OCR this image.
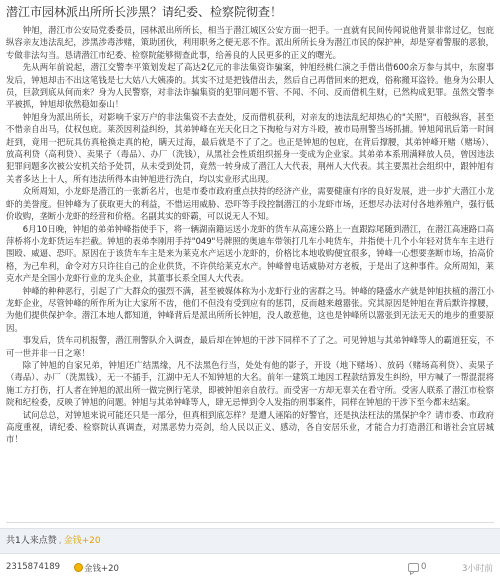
潜江市园林派出所所长涉黑？请纪委、检察院彻查！

钟旭，潜江市公安局党委委员，园林派出所所长，相当于潜江城区公安方面一把手。一直就有民间传闻说他背景非常过亿，包庇纵容亲友违法乱纪，涉黑涉毒涉赌，策助团伙，利用职务之便无恶不作。派出所所长身为潜江市民的保护神，却是穿着警服的恶狼，专做非法勾当。恳请潜江市纪委、检察院能够彻查此事，给善良的人民更多的正义的曙光。

先从两年前说起，潜江交警李平策划发起了高达2亿元的非法集资诈骗案，钟旭经桃仁演之手借出借600余万参与其中，东窗事发后，钟旭却击不出这笔钱是七大姑八大姨凑的。其实不过是把钱借出去，然后自己再借回来的把戏，俗称搬耳盗铃。他身为公职人员，巨款到底从何而来？身为人民警察，对非法诈骗集资的犯罪问题不管、不闻、不问、反而借机生财，已然构成犯罪。虽然交警李平被抓，钟旭却依然稳如泰山！

钟旭身为派出所长，对影响千家万户的非法集资不去查处，反而借机获利，对亲友的违法乱纪却热心的"关照"，百般纵容，甚至不惜亲自出马，仗权包庇。莱茨因利益纠纷，其弟钟峰在光天化日之下掏枪与对方斗殴，被市局刑警当场抓捕。钟旭闻讯后第一时间赶到，竟用一把玩具仿真枪换走真的枪，瞒天过海，最后就是不了了之。也正是钟旭的包庇，在背后撑腰，其弟钟峰开赌（赌场）、放高利贷（高利贷）、卖果子（毒品）、办厂（洗钱），从黑社会性质组织摇身一变成为企业家。其弟弟本系刑满释放人员，曾因违法犯罪问题多次被公安机关给予处罚，从未受到处罚，竟然一转身成了潜江人大代表，荆州人大代表。其主要黑社会组织中，跟钟旭有关者多达上十人，所有违法所得本由钟旭进行洗白，均以实业形式出现。

众所周知，小龙虾是潜江的一张新名片，也是市委市政府重点扶持的经济产业，需要健康有序的良好发展，进一步扩大潜江小龙虾的美誉度。但钟峰为了获取更大的利益，不惜运用威胁、恐吓等手段控制潜江的小龙虾市场，还想尽办法对付各地养殖户，强行低价收购，垄断小龙虾的经营和价格。名副其实的虾霸，可以说无人不知。

6月10日晚，钟旭的弟弟钟峰指使手下，将一辆湖南籍运送小龙虾的货车从高速公路上一直跟踪尾随到潜江，在潜江高速路口高萍桥将小龙虾货运车拦截。钟旭的表弟李刚用手持"049"号牌照的奥迪车带领打几车小吨货车，并指使十几个小年轻对货车车主进行围殴、威逼、恐吓。原因在于该货车车主是来为莱克水产运送小龙虾的，价格比本地收购便宜很多，钟峰一心想要垄断市场，抬高价格，为己牟利，命令对方只许往自己的企业供货，不许供给莱克水产。钟峰曾电话威胁对方老板，于是出了这种事件。众所周知，莱克水产是全国小龙虾行业的龙头企业，其董事长系全国人大代表。

钟峰的种种恶行，引起了广大群众的强烈不满，甚至被媒体称为小龙虾行业的害群之马。钟峰的隆盛水产就是钟旭扶植的潜江小龙虾企业，尽管钟峰的所作所为让大家所不齿，他们不但没有受到应有的惩罚，反而越来越嚣张。究其原因是钟旭在背后默许撑腰，为他们提供保护伞。潜江本地人都知道，钟峰背后是派出所所长钟旭，没人敢惹他，这也是钟峰所以嚣张到无法无天的地步的重要原因。

事发后，货车司机报警，潜江刑警队介入调查，最后却在钟旭的干涉下同样不了了之。可见钟旭与其弟钟峰等人的霸道狂妄，不可一世并非一日之寒！

除了钟旭的自家兄弟，钟旭还广结黑缘，凡不法黑色行当，处处有他的影子，开设（地下赌场）、放码（赌场高利贷）、卖果子（毒品）、办厂（洗黑钱），无一不插手，江湖中无人不知钟旭的大名。前年一建筑工地因工程款结算发生纠纷，甲方喊了一帮混混将施工方打伤，打人者在钟旭的派出所一做完例行笔录，即被钟旭亲自放行。而受害一方却无辜关在看守所。受害人联系了潜江市检察院和纪检委，反映了钟旭的问题。钟旭与其弟钟峰等人，肆无忌惮到令人发指的刑事案件，同样在钟旭的干涉下至今都未结案。

试问总总，对钟旭来说可能还只是一部分，但真相到底怎样？是遭人诬陷的好警官，还是执法枉法的黑保护伞？请市委、市政府高度重视，请纪委、检察院认真调查，对黑恶势力亮剑，给人民以正义、感动，各自安居乐业，才能合力打造潜江和谐社会宜居城市！

共1人来点赞 , 金钱+20
2315874189	金钱+20	0	3小时前
